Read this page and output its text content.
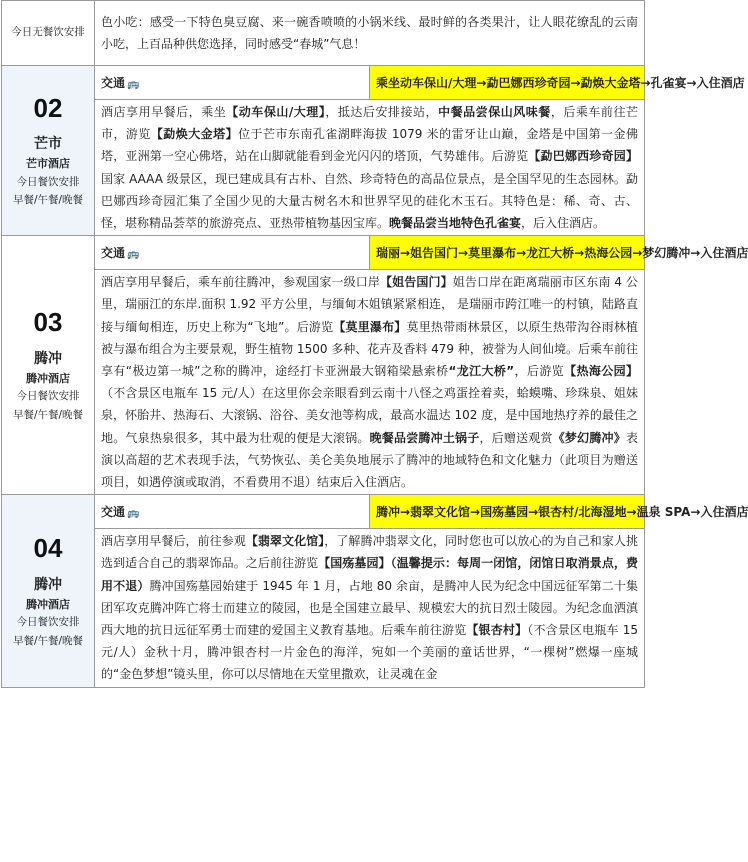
今日无餐饮安排	色小吃：感受一下特色臭豆腐、来一碗香喷喷的小锅米线、最时鲜的各类果汁，让人眼花缭乱的云南小吃，上百品种供您选择，同时感受“春城”气息！	

02
芒市
芒市酒店
今日餐饮安排
早餐/午餐/晚餐	交通 🚌	乘坐动车保山/大理→勐巴娜西珍奇园→勐焕大金塔→孔雀宴→入住酒店
	酒店享用早餐后，乘坐【动车保山/大理】，抵达后安排接站，中餐品尝保山风味餐，后乘车前往芒市，游览【勐焕大金塔】位于芒市东南孔雀湖畔海拔 1079 米的雷牙让山巅，金塔是中国第一金佛塔，亚洲第一空心佛塔，站在山脚就能看到金光闪闪的塔顶，气势雄伟。后游览【勐巴娜西珍奇园】国家 AAAA 级景区，现已建成具有古朴、自然、珍奇特色的高品位景点，是全国罕见的生态园林。勐巴娜西珍奇园汇集了全国少见的大量古树名木和世界罕见的硅化木玉石。其特色是：稀、奇、古、怪，堪称精品荟萃的旅游亮点、亚热带植物基因宝库。晚餐品尝当地特色孔雀宴，后入住酒店。	

03
腾冲
腾冲酒店
今日餐饮安排
早餐/午餐/晚餐	交通 🚌	瑞丽→姐告国门→莫里瀑布→龙江大桥→热海公园→梦幻腾冲→入住酒店
	酒店享用早餐后，乘车前往腾冲，参观国家一级口岸【姐告国门】姐告口岸在距离瑞丽市区东南 4 公里，瑞丽江的东岸.面积 1.92 平方公里，与缅甸木姐镇紧紧相连， 是瑞丽市跨江唯一的村镇，陆路直接与缅甸相连，历史上称为“飞地”。后游览【莫里瀑布】莫里热带雨林景区，以原生热带沟谷雨林植被与瀑布组合为主要景观，野生植物 1500 多种、花卉及香料 479 种，被誉为人间仙境。后乘车前往享有“极边第一城”之称的腾冲，途经打卡亚洲最大钢箱梁悬索桥“龙江大桥”，后游览【热海公园】（不含景区电瓶车 15 元/人）在这里你会亲眼看到云南十八怪之鸡蛋拴着卖，蛤蟆嘴、珍珠泉、姐妹泉，怀胎井、热海石、大滚锅、浴谷、美女池等构成，最高水温达 102 度，是中国地热疗养的最佳之地。气泉热泉很多，其中最为壮观的便是大滚锅。晚餐品尝腾冲土锅子，后赠送观赏《梦幻腾冲》表演以高超的艺术表现手法，气势恢弘、美仑美奂地展示了腾冲的地域特色和文化魅力（此项目为赠送项目，如遇停演或取消，不看费用不退）结束后入住酒店。	

04
腾冲
腾冲酒店
今日餐饮安排
早餐/午餐/晚餐	交通 🚌	腾冲→翡翠文化馆→国殇墓园→银杏村/北海湿地→温泉 SPA→入住酒店
	酒店享用早餐后，前往参观【翡翠文化馆】，了解腾冲翡翠文化，同时您也可以放心的为自己和家人挑选到适合自己的翡翠饰品。之后前往游览【国殇墓园】（温馨提示：每周一闭馆，闭馆日取消景点，费用不退）腾冲国殇墓园始建于 1945 年 1 月，占地 80 余亩，是腾冲人民为纪念中国远征军第二十集团军攻克腾冲阵亡将士而建立的陵园，也是全国建立最早、规模宏大的抗日烈士陵园。为纪念血洒滇西大地的抗日远征军勇士而建的爱国主义教育基地。后乘车前往游览【银杏村】（不含景区电瓶车 15 元/人）金秋十月，腾冲银杏村一片金色的海洋，宛如一个美丽的童话世界，“一棵树”燃爆一座城的“金色梦想”镜头里，你可以尽情地在天堂里撒欢，让灵魂在金	
